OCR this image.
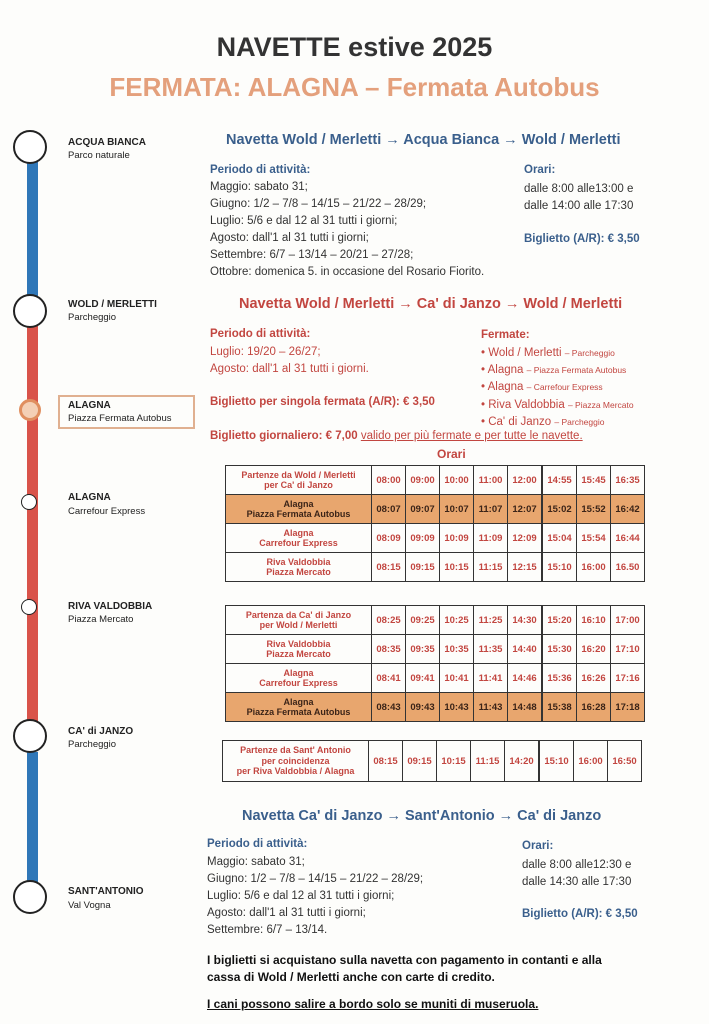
NAVETTE estive 2025
FERMATA: ALAGNA – Fermata Autobus
ACQUA BIANCA
Parco naturale
WOLD / MERLETTI
Parcheggio
ALAGNA
Piazza Fermata Autobus
ALAGNA
Carrefour Express
RIVA VALDOBBIA
Piazza Mercato
CA' di JANZO
Parcheggio
SANT'ANTONIO
Val Vogna
Navetta Wold / Merletti → Acqua Bianca → Wold / Merletti
Periodo di attività:
Maggio: sabato 31;
Giugno: 1/2 – 7/8 – 14/15 – 21/22 – 28/29;
Luglio: 5/6 e dal 12 al 31 tutti i giorni;
Agosto: dall'1 al 31 tutti i giorni;
Settembre: 6/7 – 13/14 – 20/21 – 27/28;
Ottobre: domenica 5. in occasione del Rosario Fiorito.
Orari:
dalle 8:00 alle13:00 e
dalle 14:00 alle 17:30
Biglietto (A/R): € 3,50
Navetta Wold / Merletti → Ca' di Janzo → Wold / Merletti
Periodo di attività:
Luglio: 19/20 – 26/27;
Agosto: dall'1 al 31 tutti i giorni.
Fermate:
• Wold / Merletti – Parcheggio
• Alagna – Piazza Fermata Autobus
• Alagna – Carrefour Express
• Riva Valdobbia – Piazza Mercato
• Ca' di Janzo – Parcheggio
Biglietto per singola fermata (A/R): € 3,50
Biglietto giornaliero: € 7,00 valido per più fermate e per tutte le navette.
Orari
Partenze da Wold / Merletti
per Ca' di Janzo	08:00	09:00	10:00	11:00	12:00	14:55	15:45	16:35

Alagna
Piazza Fermata Autobus	08:07	09:07	10:07	11:07	12:07	15:02	15:52	16:42

Alagna
Carrefour Express	08:09	09:09	10:09	11:09	12:09	15:04	15:54	16:44

Riva Valdobbia
Piazza Mercato	08:15	09:15	10:15	11:15	12:15	15:10	16:00	16.50
Partenza da Ca' di Janzo
per Wold / Merletti	08:25	09:25	10:25	11:25	14:30	15:20	16:10	17:00

Riva Valdobbia
Piazza Mercato	08:35	09:35	10:35	11:35	14:40	15:30	16:20	17:10

Alagna
Carrefour Express	08:41	09:41	10:41	11:41	14:46	15:36	16:26	17:16

Alagna
Piazza Fermata Autobus	08:43	09:43	10:43	11:43	14:48	15:38	16:28	17:18
Partenze da Sant' Antonio
per coincidenza
per Riva Valdobbia / Alagna
	08:15	09:15	10:15	11:15	14:20	15:10	16:00	16:50
Navetta Ca' di Janzo → Sant'Antonio → Ca' di Janzo
Periodo di attività:
Maggio: sabato 31;
Giugno: 1/2 – 7/8 – 14/15 – 21/22 – 28/29;
Luglio: 5/6 e dal 12 al 31 tutti i giorni;
Agosto: dall'1 al 31 tutti i giorni;
Settembre: 6/7 – 13/14.
Orari:
dalle 8:00 alle12:30 e
dalle 14:30 alle 17:30
Biglietto (A/R): € 3,50
I biglietti si acquistano sulla navetta con pagamento in contanti e alla
cassa di Wold / Merletti anche con carte di credito.
I cani possono salire a bordo solo se muniti di museruola.
